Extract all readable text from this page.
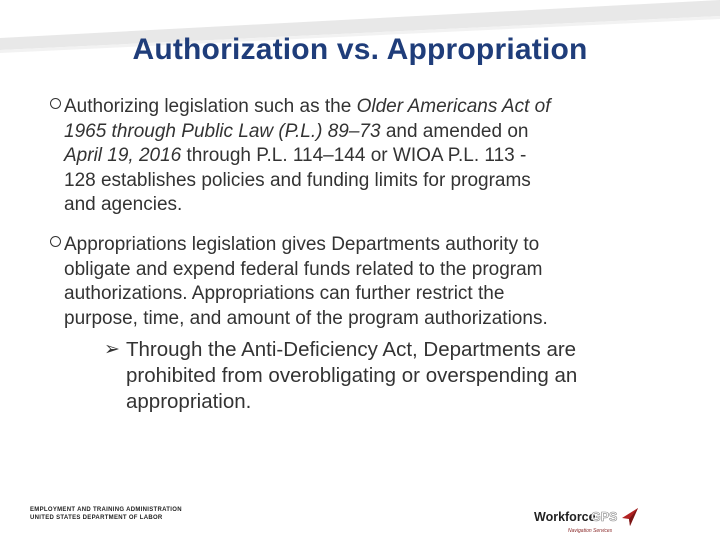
Authorization vs. Appropriation
Authorizing legislation such as the Older Americans Act of
1965 through Public Law (P.L.) 89–73 and amended on
April 19, 2016 through P.L. 114–144 or WIOA P.L. 113 -
128 establishes policies and funding limits for programs
and agencies.
Appropriations legislation gives Departments authority to
obligate and expend federal funds related to the program
authorizations. Appropriations can further restrict the
purpose, time, and amount of the program authorizations.
➢ Through the Anti-Deficiency Act, Departments are
prohibited from overobligating or overspending an
appropriation.
EMPLOYMENT AND TRAINING ADMINISTRATION
UNITED STATES DEPARTMENT OF LABOR	Workforce
GPS
Navigation Services
